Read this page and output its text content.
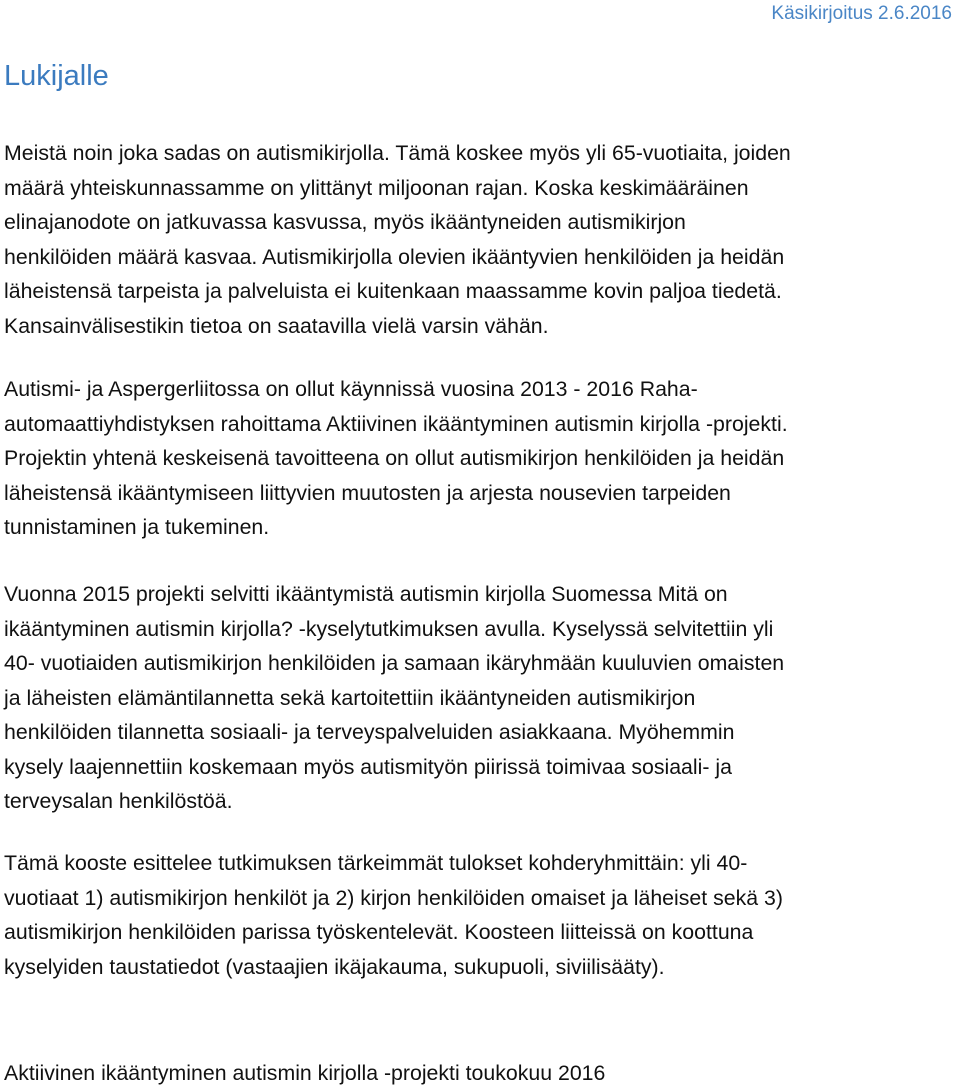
Käsikirjoitus 2.6.2016

Lukijalle

Meistä noin joka sadas on autismikirjolla. Tämä koskee myös yli 65-vuotiaita, joiden
määrä yhteiskunnassamme on ylittänyt miljoonan rajan. Koska keskimääräinen
elinajanodote on jatkuvassa kasvussa, myös ikääntyneiden autismikirjon
henkilöiden määrä kasvaa. Autismikirjolla olevien ikääntyvien henkilöiden ja heidän
läheistensä tarpeista ja palveluista ei kuitenkaan maassamme kovin paljoa tiedetä.
Kansainvälisestikin tietoa on saatavilla vielä varsin vähän.

Autismi- ja Aspergerliitossa on ollut käynnissä vuosina 2013 - 2016 Raha-
automaattiyhdistyksen rahoittama Aktiivinen ikääntyminen autismin kirjolla -projekti.
Projektin yhtenä keskeisenä tavoitteena on ollut autismikirjon henkilöiden ja heidän
läheistensä ikääntymiseen liittyvien muutosten ja arjesta nousevien tarpeiden
tunnistaminen ja tukeminen.

Vuonna 2015 projekti selvitti ikääntymistä autismin kirjolla Suomessa Mitä on
ikääntyminen autismin kirjolla? -kyselytutkimuksen avulla. Kyselyssä selvitettiin yli
40- vuotiaiden autismikirjon henkilöiden ja samaan ikäryhmään kuuluvien omaisten
ja läheisten elämäntilannetta sekä kartoitettiin ikääntyneiden autismikirjon
henkilöiden tilannetta sosiaali- ja terveyspalveluiden asiakkaana. Myöhemmin
kysely laajennettiin koskemaan myös autismityön piirissä toimivaa sosiaali- ja
terveysalan henkilöstöä.

Tämä kooste esittelee tutkimuksen tärkeimmät tulokset kohderyhmittäin: yli 40-
vuotiaat 1) autismikirjon henkilöt ja 2) kirjon henkilöiden omaiset ja läheiset sekä 3)
autismikirjon henkilöiden parissa työskentelevät. Koosteen liitteissä on koottuna
kyselyiden taustatiedot (vastaajien ikäjakauma, sukupuoli, siviilisääty).

Aktiivinen ikääntyminen autismin kirjolla -projekti toukokuu 2016
